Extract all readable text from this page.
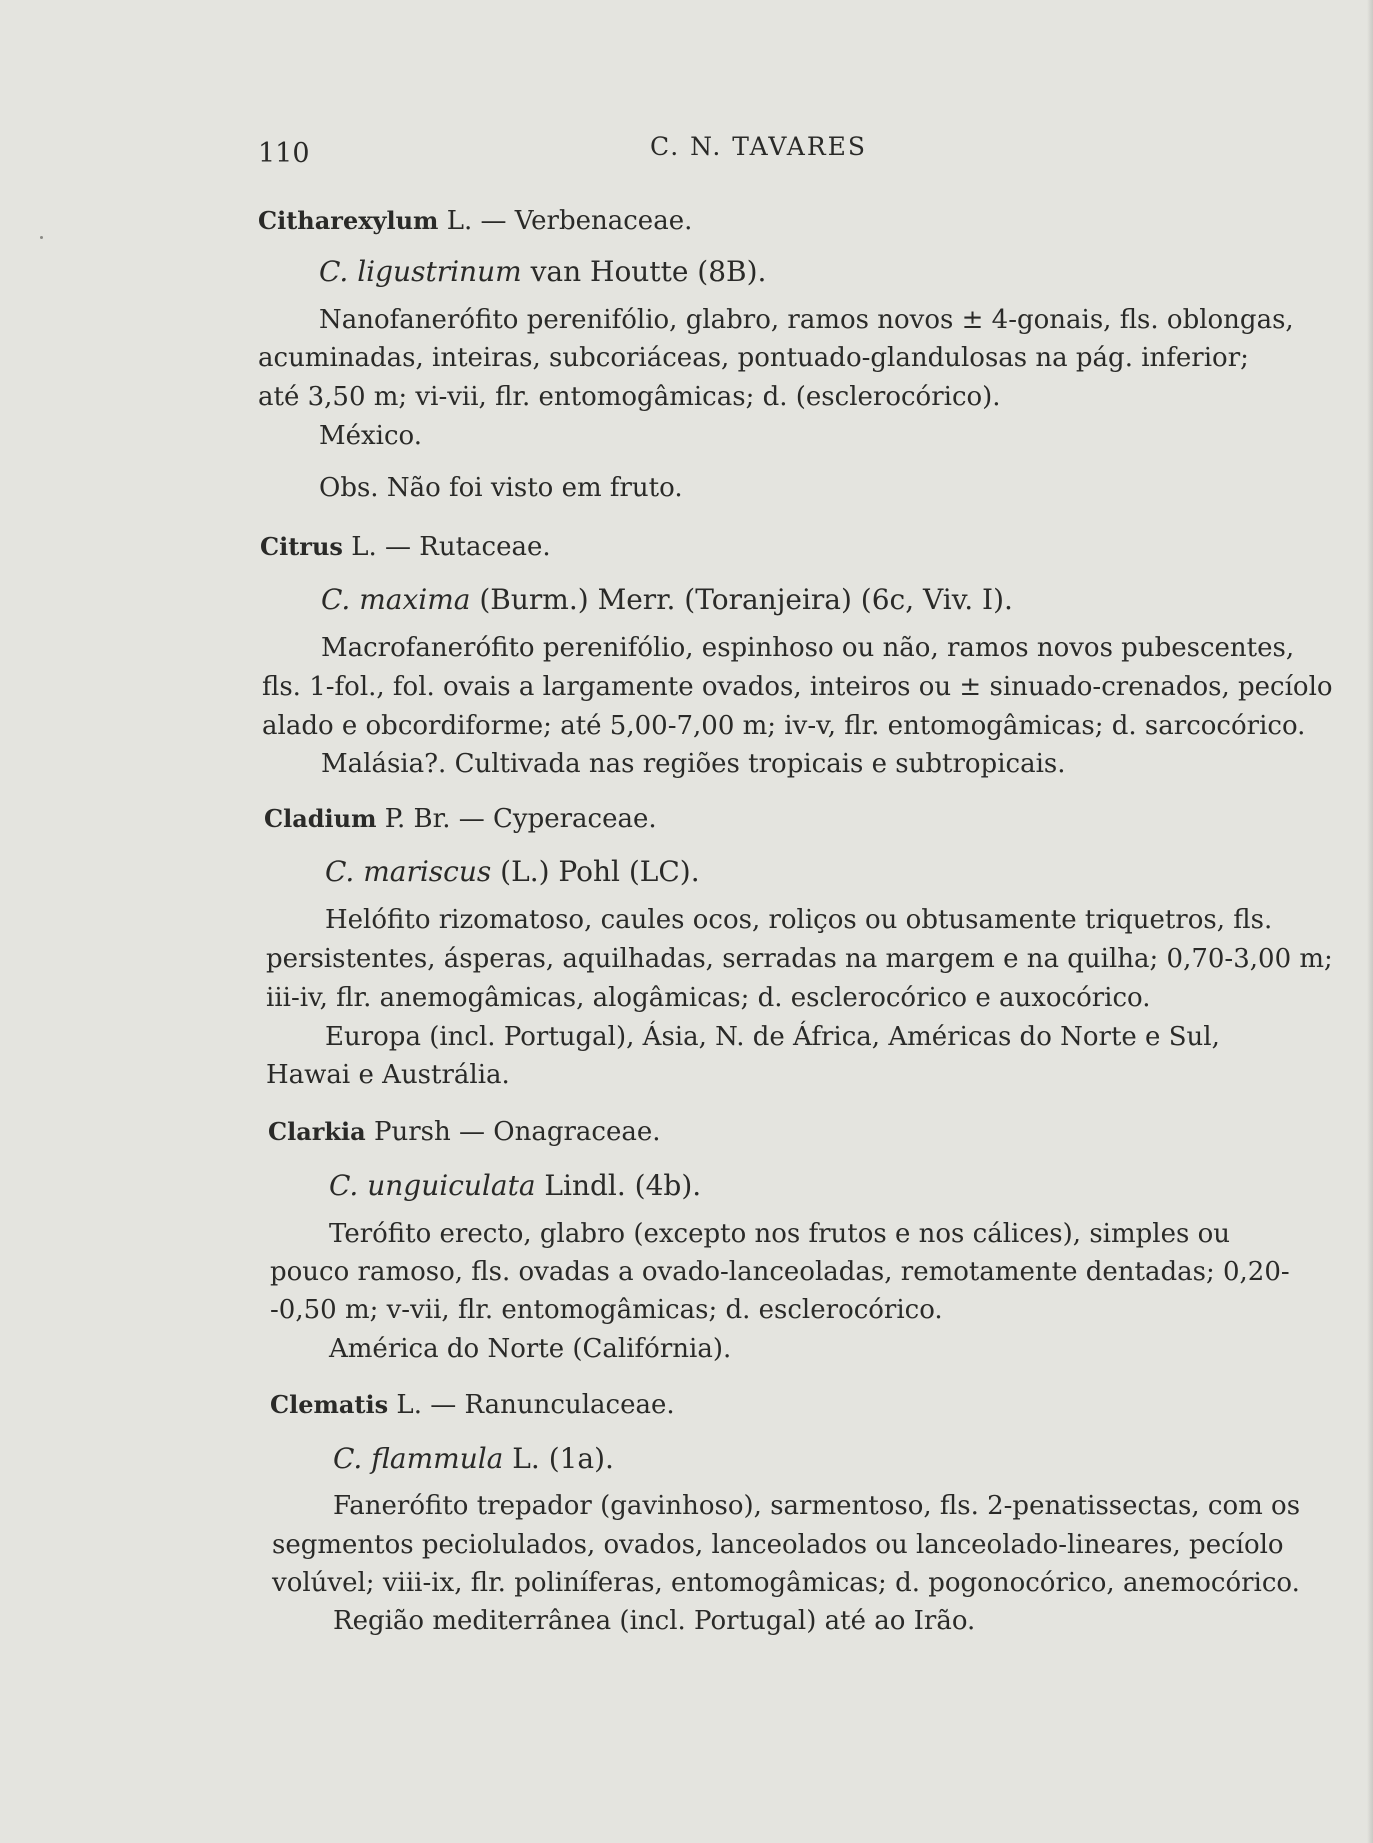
110	C. N. TAVARES
Citharexylum L. — Verbenaceae.
C. ligustrinum van Houtte (8B).
Nanofanerófito perenifólio, glabro, ramos novos ± 4-gonais, fls. oblongas,
acuminadas, inteiras, subcoriáceas, pontuado-glandulosas na pág. inferior;
até 3,50 m; vi-vii, flr. entomogâmicas; d. (esclerocórico).
México.
Obs. Não foi visto em fruto.
Citrus L. — Rutaceae.
C. maxima (Burm.) Merr. (Toranjeira) (6c, Viv. I).
Macrofanerófito perenifólio, espinhoso ou não, ramos novos pubescentes,
fls. 1-fol., fol. ovais a largamente ovados, inteiros ou ± sinuado-crenados, pecíolo
alado e obcordiforme; até 5,00-7,00 m; iv-v, flr. entomogâmicas; d. sarcocórico.
Malásia?. Cultivada nas regiões tropicais e subtropicais.
Cladium P. Br. — Cyperaceae.
C. mariscus (L.) Pohl (LC).
Helófito rizomatoso, caules ocos, roliços ou obtusamente triquetros, fls.
persistentes, ásperas, aquilhadas, serradas na margem e na quilha; 0,70-3,00 m;
iii-iv, flr. anemogâmicas, alogâmicas; d. esclerocórico e auxocórico.
Europa (incl. Portugal), Ásia, N. de África, Américas do Norte e Sul,
Hawai e Austrália.
Clarkia Pursh — Onagraceae.
C. unguiculata Lindl. (4b).
Terófito erecto, glabro (excepto nos frutos e nos cálices), simples ou
pouco ramoso, fls. ovadas a ovado-lanceoladas, remotamente dentadas; 0,20-
-0,50 m; v-vii, flr. entomogâmicas; d. esclerocórico.
América do Norte (Califórnia).
Clematis L. — Ranunculaceae.
C. flammula L. (1a).
Fanerófito trepador (gavinhoso), sarmentoso, fls. 2-penatissectas, com os
segmentos peciolulados, ovados, lanceolados ou lanceolado-lineares, pecíolo
volúvel; viii-ix, flr. poliníferas, entomogâmicas; d. pogonocórico, anemocórico.
Região mediterrânea (incl. Portugal) até ao Irão.
